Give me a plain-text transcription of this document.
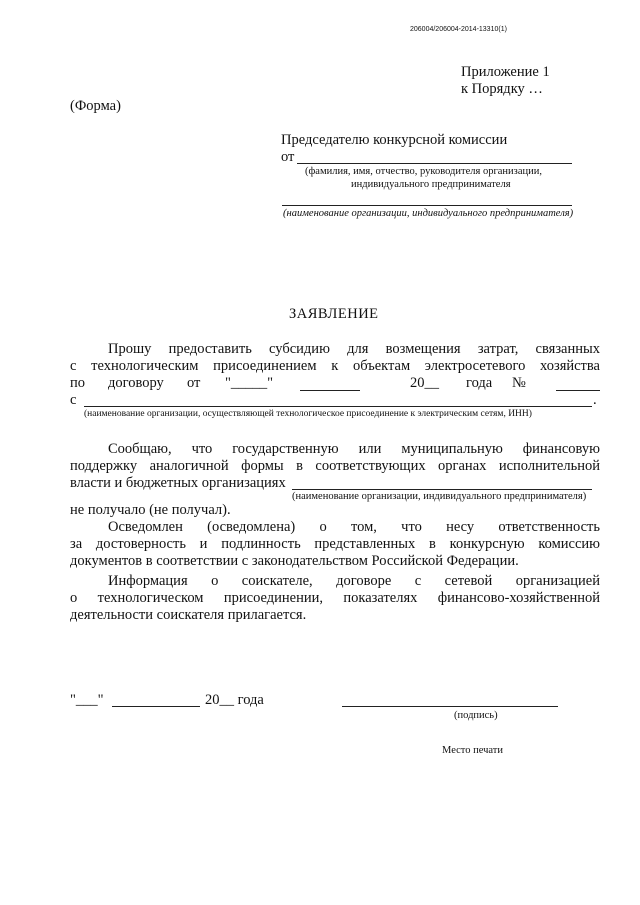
206004/206004-2014-13310(1)
Приложение 1
к Порядку …
(Форма)
Председателю конкурсной комиссии
от
(фамилия, имя, отчество, руководителя организации,
индивидуального предпринимателя
(наименование организации, индивидуального предпринимателя)
ЗАЯВЛЕНИЕ
Прошу предоставить субсидию для возмещения затрат, связанных
с технологическим присоединением к объектам электросетевого хозяйства
по договору от "_____"	20__ года №
с	.
(наименование организации, осуществляющей технологическое присоединение к электрическим сетям, ИНН)
Сообщаю, что государственную или муниципальную финансовую
поддержку аналогичной формы в соответствующих органах исполнительной
власти и бюджетных организациях
(наименование организации, индивидуального предпринимателя)
не получало (не получал).
Осведомлен (осведомлена) о том, что несу ответственность
за достоверность и подлинность представленных в конкурсную комиссию
документов в соответствии с законодательством Российской Федерации.
Информация о соискателе, договоре с сетевой организацией
о технологическом присоединении, показателях финансово-хозяйственной
деятельности соискателя прилагается.
"___"	20__ года
(подпись)
Место печати
